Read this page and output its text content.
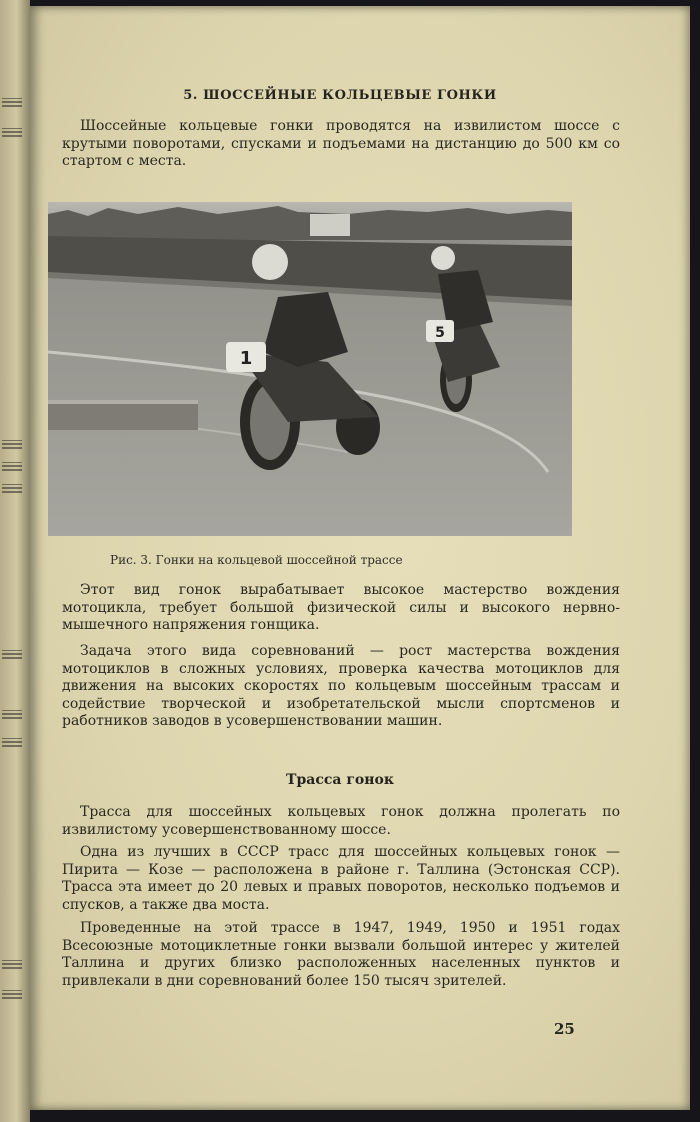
5. ШОССЕЙНЫЕ КОЛЬЦЕВЫЕ ГОНКИ

Шоссейные кольцевые гонки проводятся на извилистом шоссе с крутыми поворотами, спусками и подъемами на дистанцию до 500 км со стартом с места.

1
5

Рис. 3. Гонки на кольцевой шоссейной трассе

Этот вид гонок вырабатывает высокое мастерство вождения мотоцикла, требует большой физической силы и высокого нервно-мышечного напряжения гонщика.

Задача этого вида соревнований — рост мастерства вождения мотоциклов в сложных условиях, проверка качества мотоциклов для движения на высоких скоростях по кольцевым шоссейным трассам и содействие творческой и изобретательской мысли спортсменов и работников заводов в усовершенствовании машин.

Трасса гонок

Трасса для шоссейных кольцевых гонок должна пролегать по извилистому усовершенствованному шоссе.

Одна из лучших в СССР трасс для шоссейных кольцевых гонок — Пирита — Козе — расположена в районе г. Таллина (Эстонская ССР). Трасса эта имеет до 20 левых и правых поворотов, несколько подъемов и спусков, а также два моста.

Проведенные на этой трассе в 1947, 1949, 1950 и 1951 годах Всесоюзные мотоциклетные гонки вызвали большой интерес у жителей Таллина и других близко расположенных населенных пунктов и привлекали в дни соревнований более 150 тысяч зрителей.

25
